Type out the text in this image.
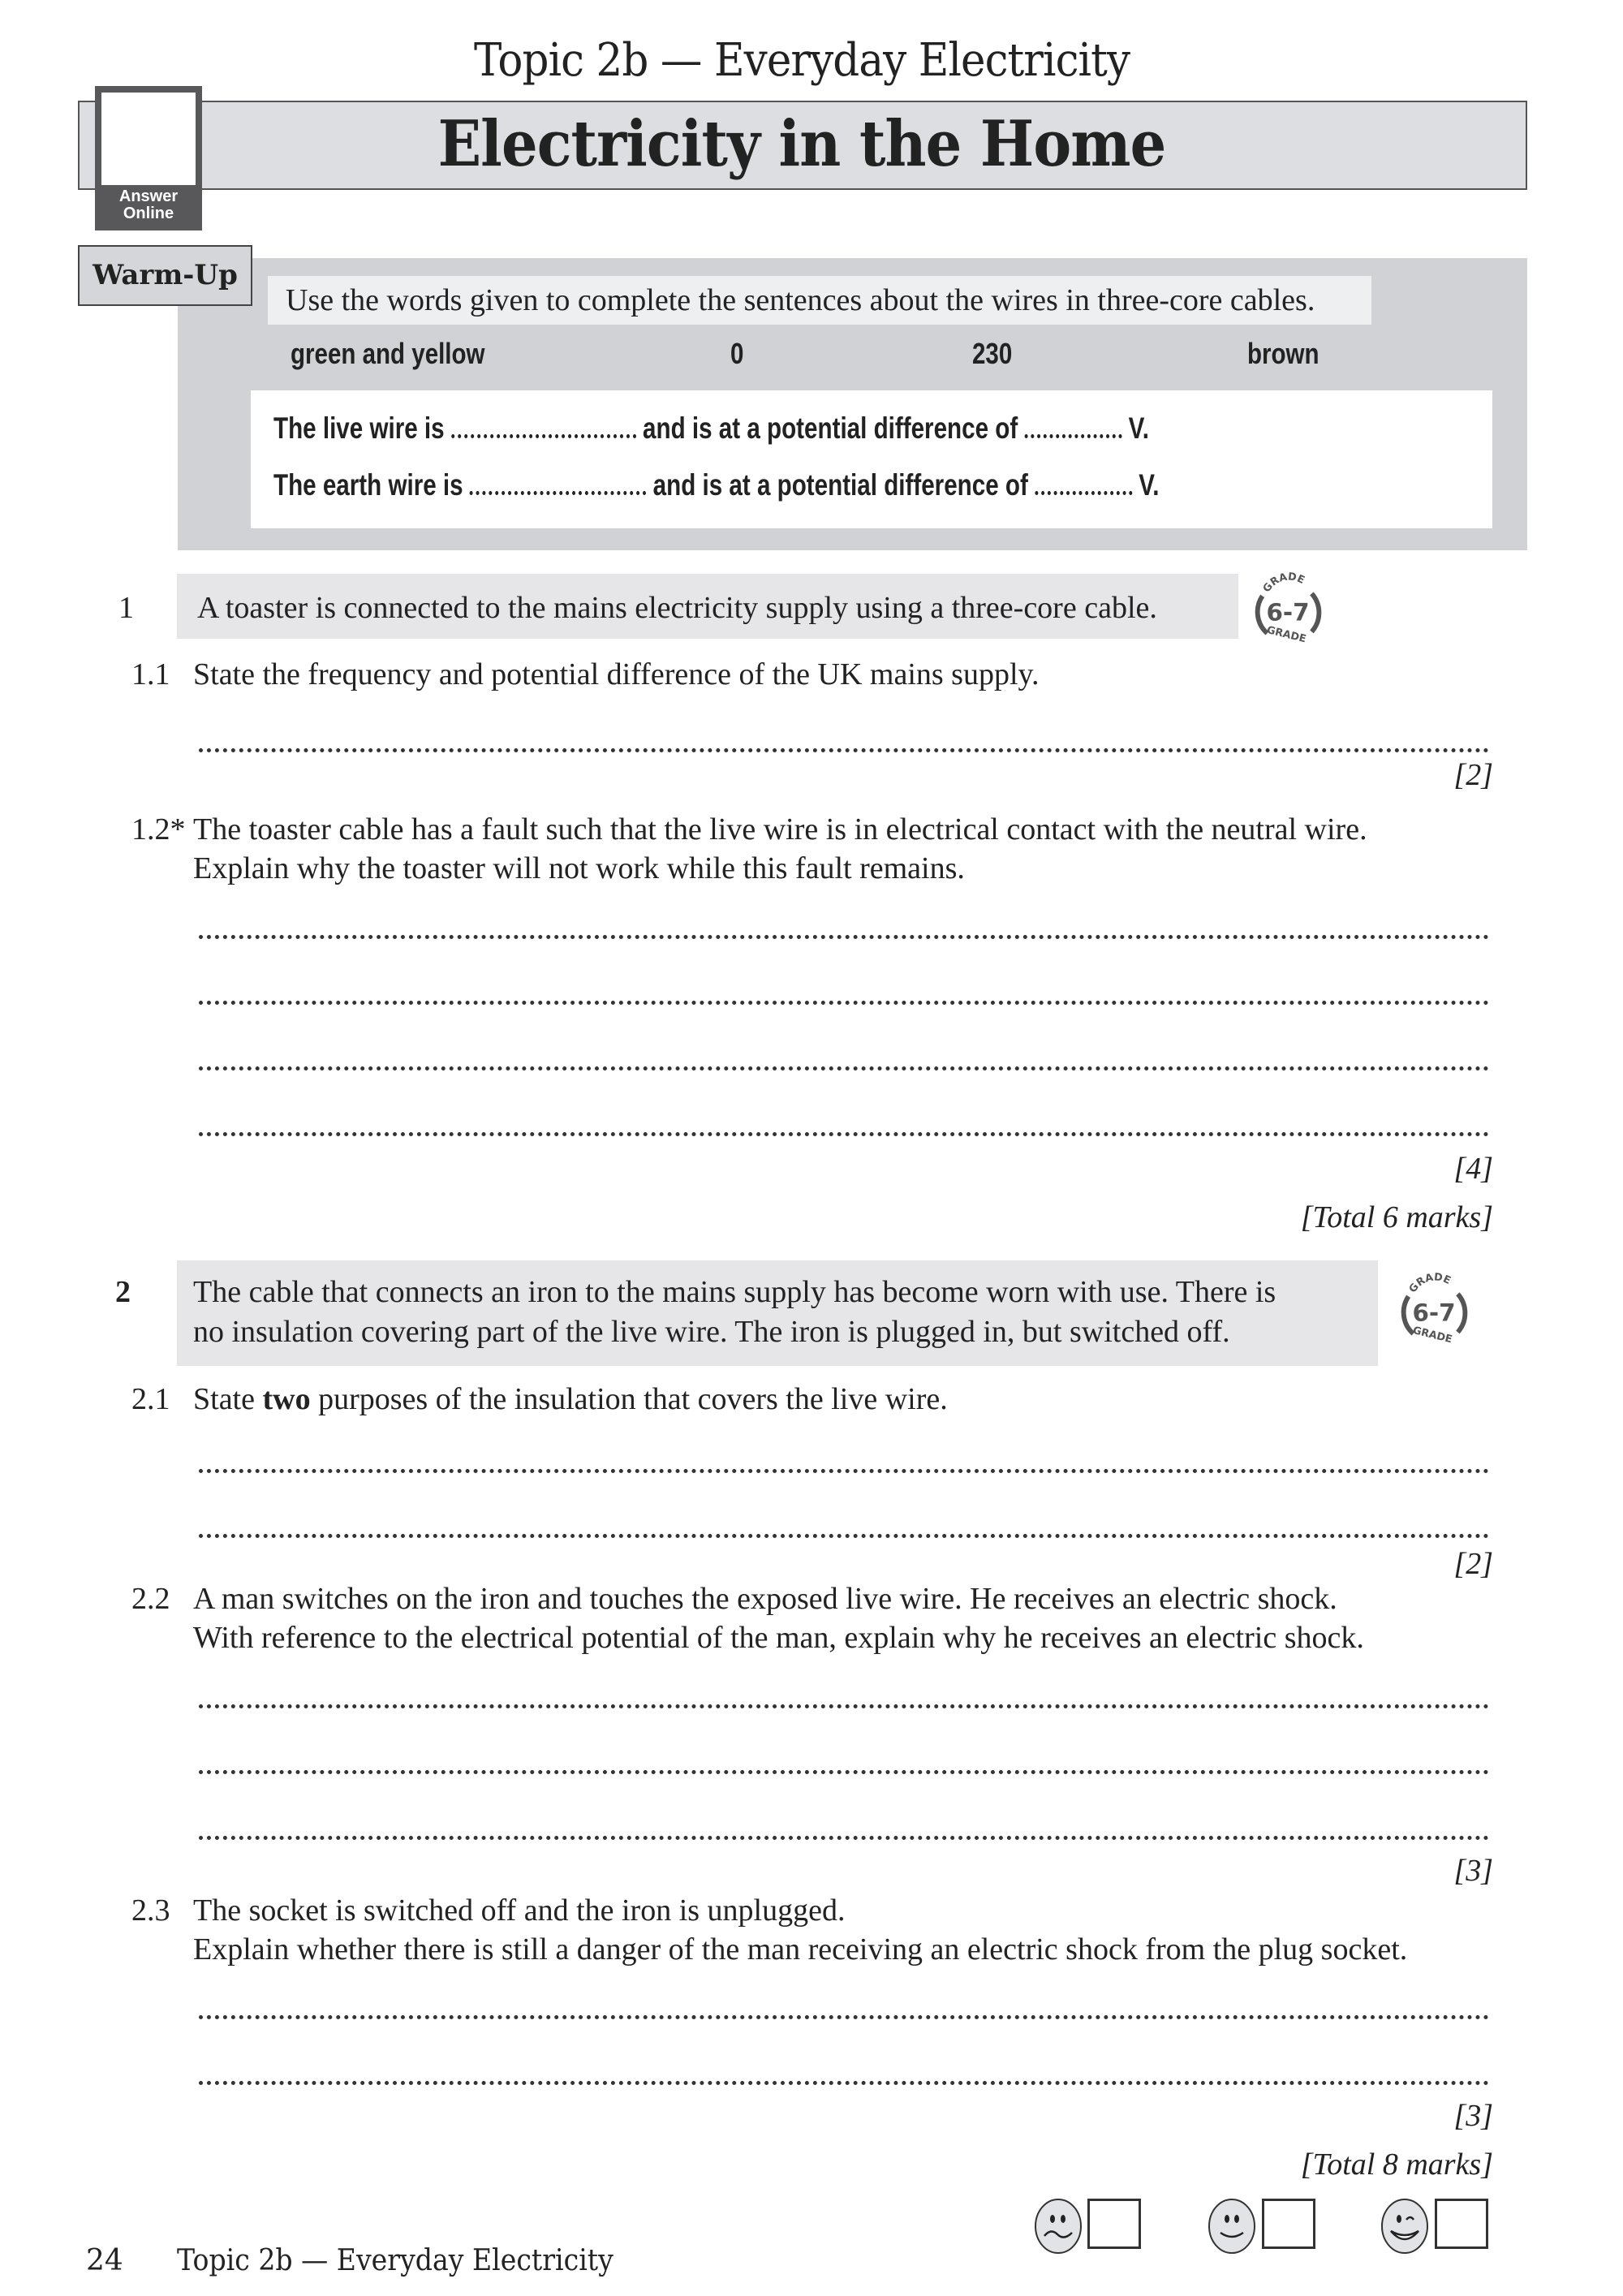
Topic 2b — Everyday Electricity
Electricity in the Home
Answer
Online
Warm-Up
Use the words given to complete the sentences about the wires in three-core cables.
green and yellow	0	230	brown
The live wire is	and is at a potential difference of	V.
The earth wire is	and is at a potential difference of	V.
1 A toaster is connected to the mains electricity supply using a three-core cable.
GRADE
6-7
GRADE
1.1 State the frequency and potential difference of the UK mains supply.
[2]
1.2* The toaster cable has a fault such that the live wire is in electrical contact with the neutral wire.
Explain why the toaster will not work while this fault remains.
[4]
[Total 6 marks]
2 The cable that connects an iron to the mains supply has become worn with use. There is
no insulation covering part of the live wire. The iron is plugged in, but switched off.
GRADE
6-7
GRADE
2.1 State two purposes of the insulation that covers the live wire.
[2]
2.2 A man switches on the iron and touches the exposed live wire. He receives an electric shock.
With reference to the electrical potential of the man, explain why he receives an electric shock.
[3]
2.3 The socket is switched off and the iron is unplugged.
Explain whether there is still a danger of the man receiving an electric shock from the plug socket.
[3]
[Total 8 marks]
24 Topic 2b — Everyday Electricity
